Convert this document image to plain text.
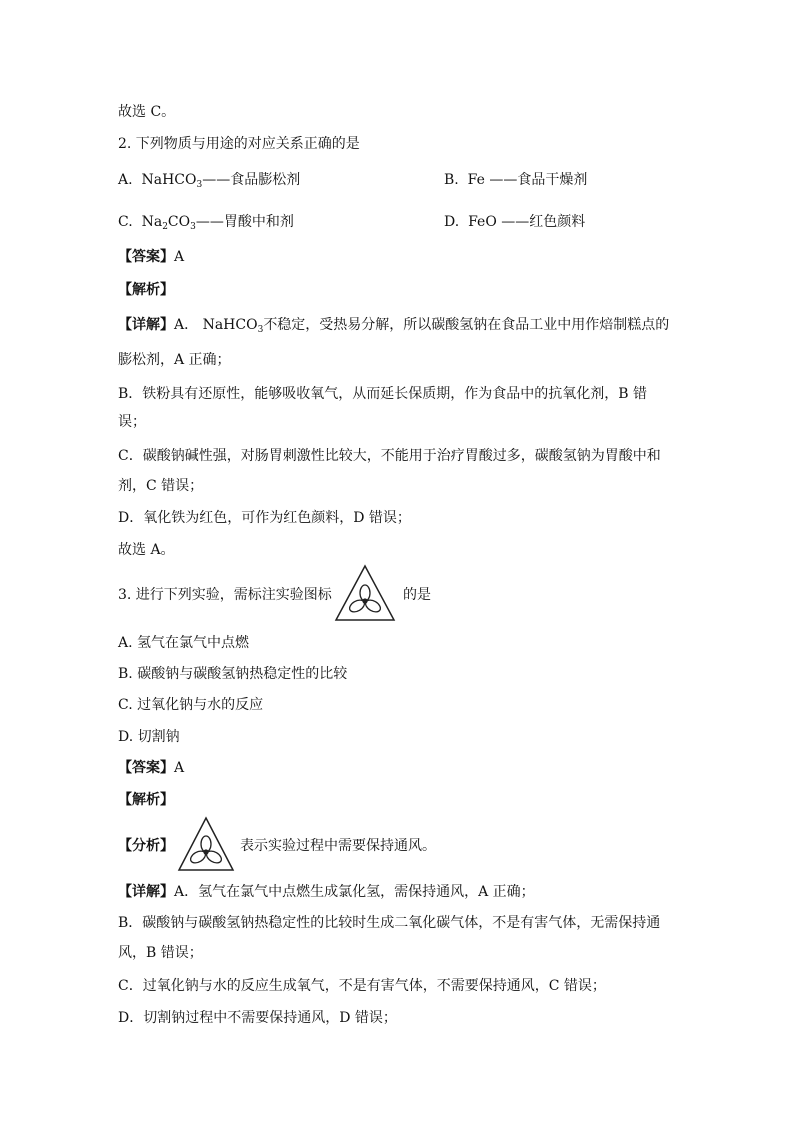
故选 C。
2. 下列物质与用途的对应关系正确的是
A. NaHCO$_3$——食品膨松剂	B. Fe ——食品干燥剂
C. $Na_2CO_3——$胃酸中和剂	D. FeO ——红色颜料
【答案】A
【解析】
【详解】A． NaHCO$_3$不稳定，受热易分解，所以碳酸氢钠在食品工业中用作焙制糕点的
膨松剂，A 正确；
B．铁粉具有还原性，能够吸收氧气，从而延长保质期，作为食品中的抗氧化剂，B 错
误；
C．碳酸钠碱性强，对肠胃刺激性比较大，不能用于治疗胃酸过多，碳酸氢钠为胃酸中和
剂，C 错误；
D．氧化铁为红色，可作为红色颜料，D 错误；
故选 A。
3. 进行下列实验，需标注实验图标	的是
A. 氢气在氯气中点燃
B. 碳酸钠与碳酸氢钠热稳定性的比较
C. 过氧化钠与水的反应
D. 切割钠
【答案】A
【解析】
【分析】	表示实验过程中需要保持通风。
【详解】A．氢气在氯气中点燃生成氯化氢，需保持通风，A 正确；
B．碳酸钠与碳酸氢钠热稳定性的比较时生成二氧化碳气体，不是有害气体，无需保持通
风，B 错误；
C．过氧化钠与水的反应生成氧气，不是有害气体，不需要保持通风，C 错误；
D．切割钠过程中不需要保持通风，D 错误；
